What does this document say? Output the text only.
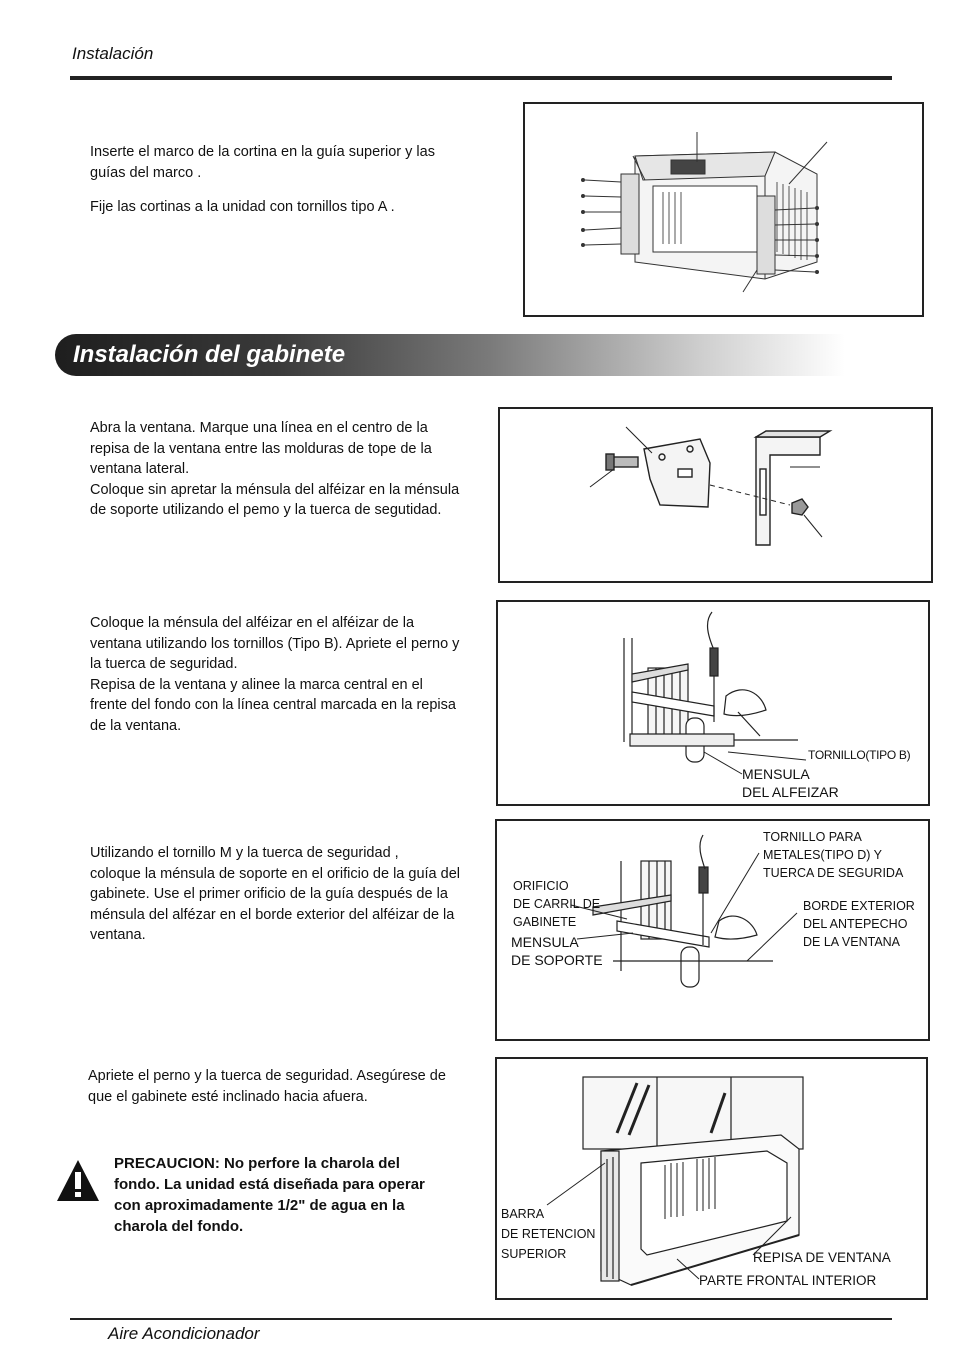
Instalación
Aire Acondicionador

Inserte el marco de la cortina en la guía superior y las

guías del marco .

Fije las cortinas a la unidad con tornillos tipo A .

Instalación del gabinete

Abra la ventana. Marque una línea en el centro de la

repisa de la ventana entre las molduras de tope de la

ventana lateral.

Coloque sin apretar la ménsula del alféizar en la ménsula

de soporte utilizando el pemo y la tuerca de segutidad.

Coloque la ménsula del alféizar en el alféizar de la

ventana utilizando los tornillos (Tipo B). Apriete el perno y

la tuerca de seguridad.

Repisa de la ventana y alinee la marca central en el

frente del fondo con la línea central marcada en la repisa

de la ventana.

TORNILLO(TIPO B)
MENSULA
DEL ALFEIZAR

Utilizando el tornillo M y la tuerca de seguridad ,

coloque la ménsula de soporte en el orificio de la guía del

gabinete. Use el primer orificio de la guía después de la

ménsula del alfézar en el borde exterior del alféizar de la

ventana.

ORIFICIO
DE CARRIL DE
GABINETE
MENSULA
DE SOPORTE
TORNILLO PARA
METALES(TIPO D) Y
TUERCA DE SEGURIDA
BORDE EXTERIOR
DEL ANTEPECHO
DE LA VENTANA

Apriete el perno y la tuerca de seguridad. Asegúrese de

que el gabinete esté inclinado hacia afuera.

PRECAUCION: No perfore la charola del
fondo. La unidad está diseñada para operar
con aproximadamente 1/2" de agua en la
charola del fondo.
BARRA
DE RETENCION
SUPERIOR	REPISA DE VENTANA
PARTE FRONTAL INTERIOR
